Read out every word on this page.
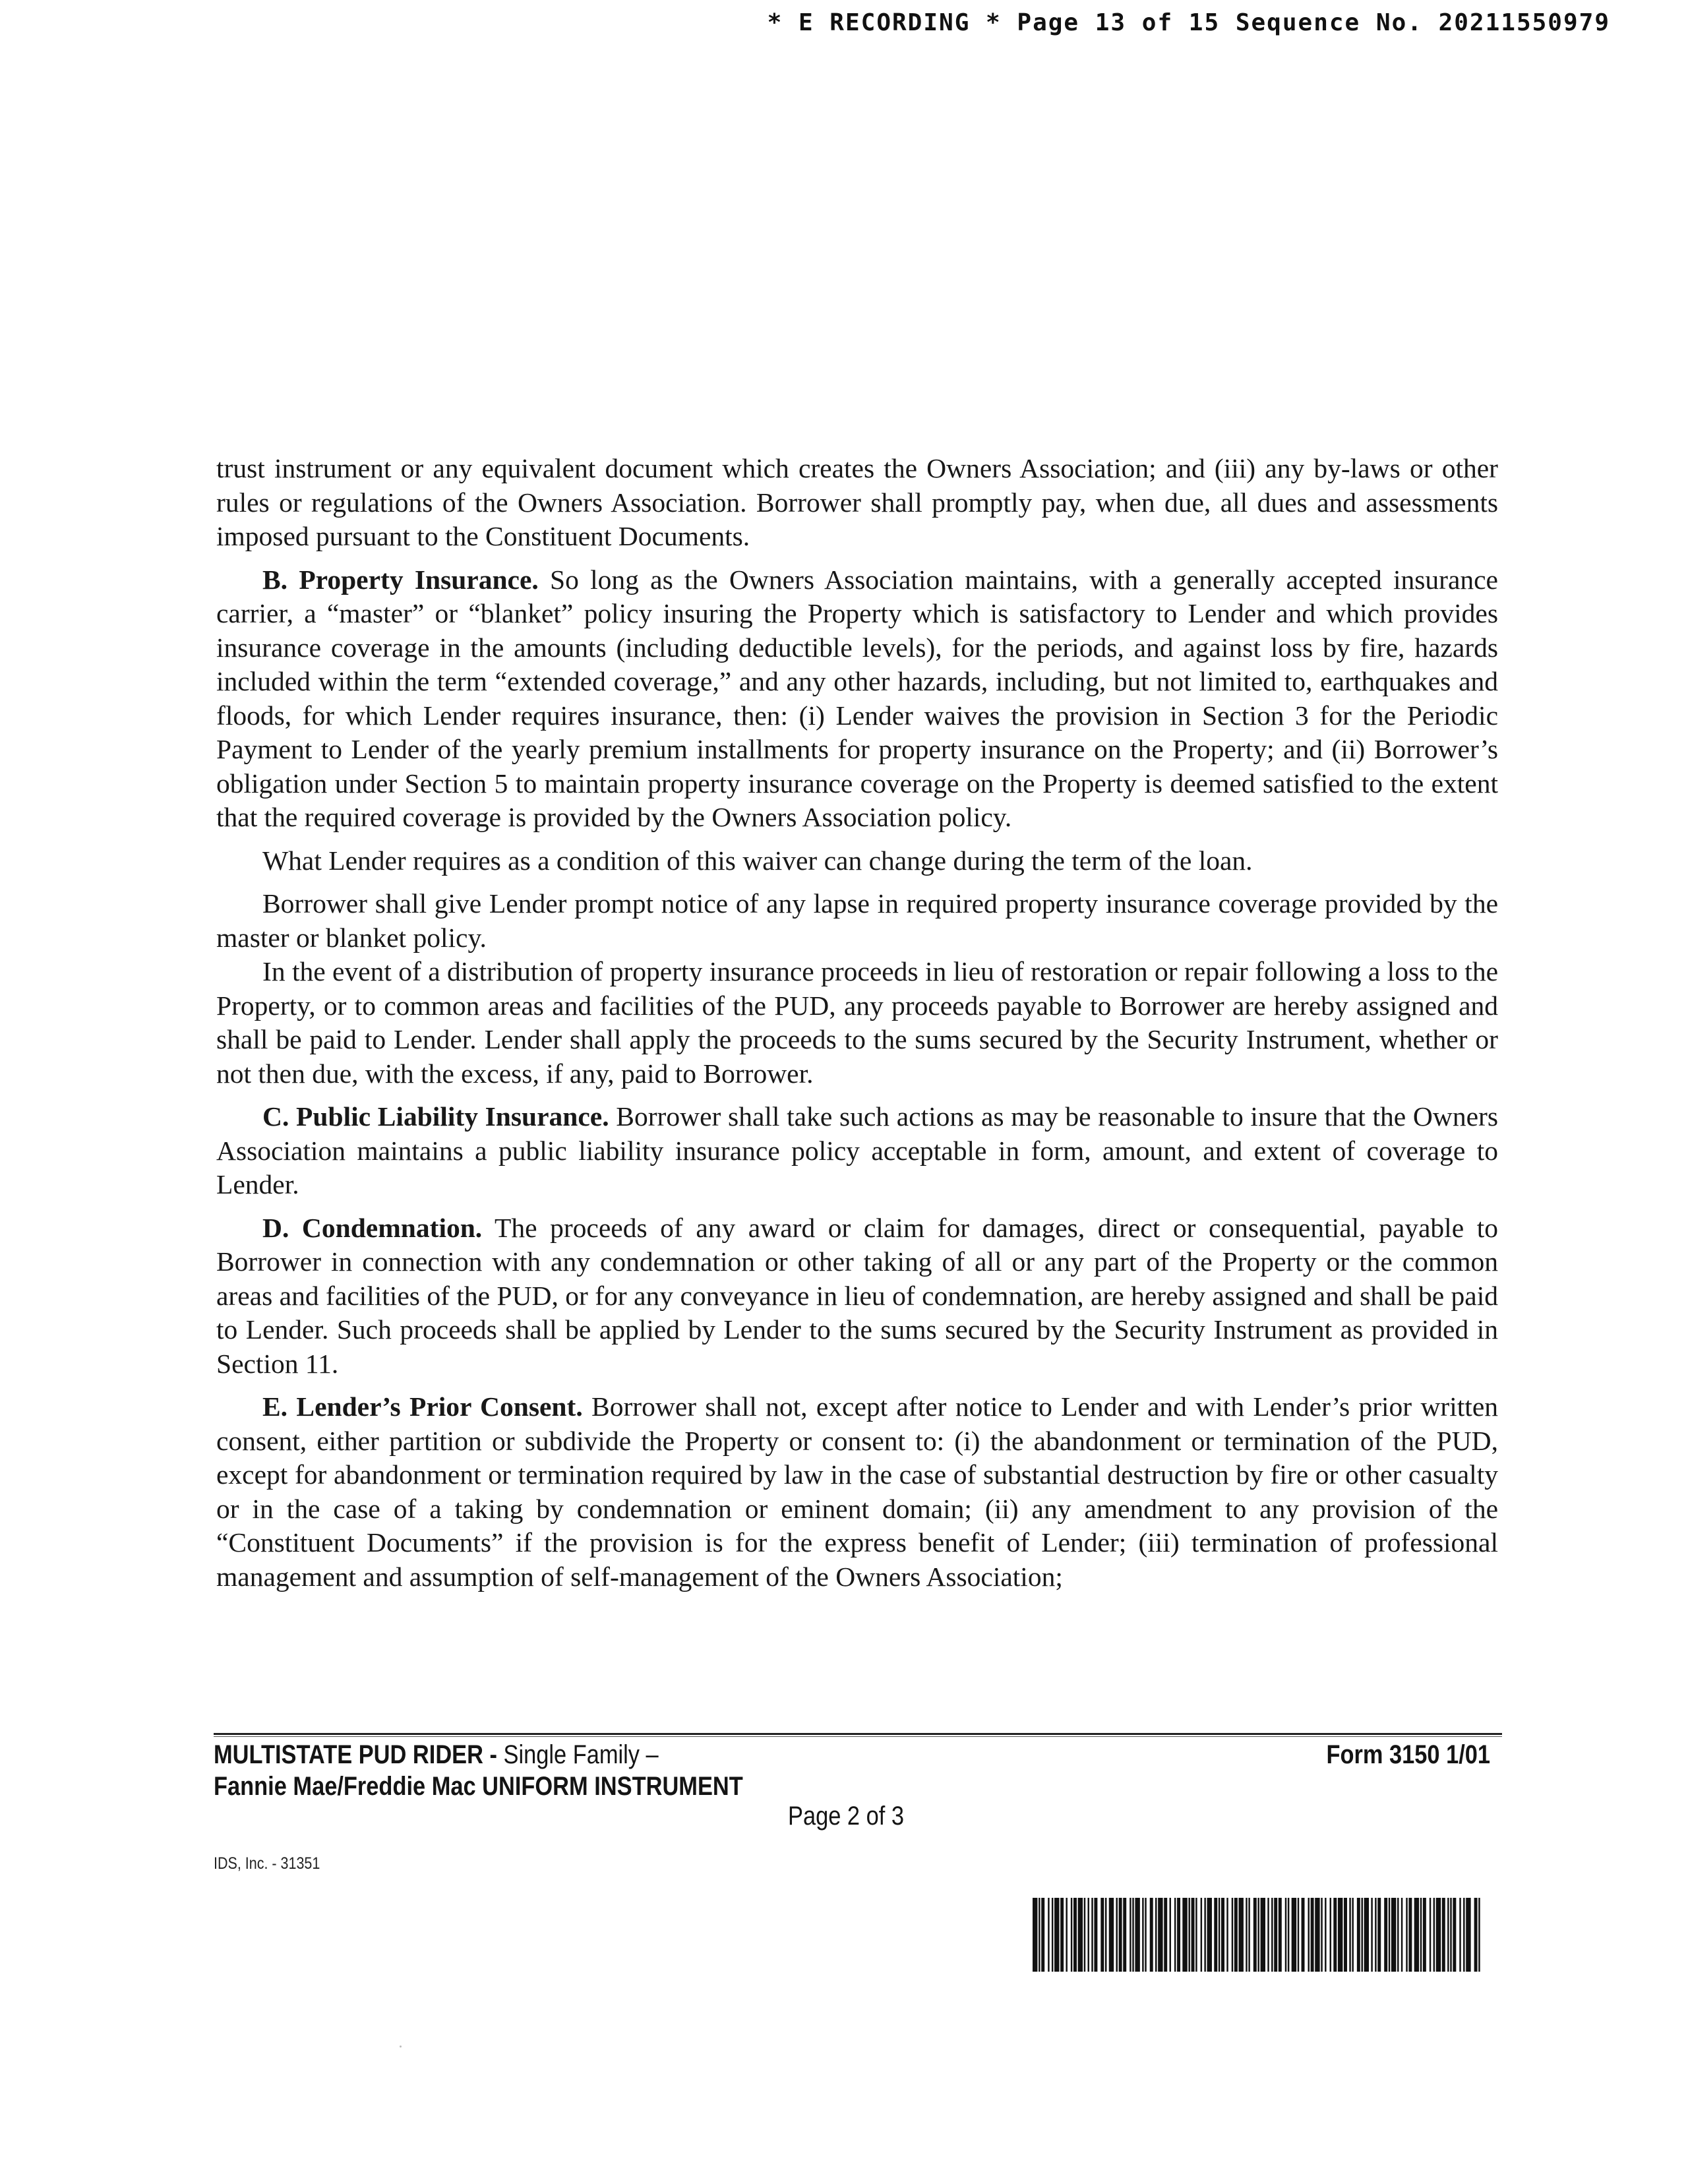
* E RECORDING * Page 13 of 15 Sequence No. 20211550979

trust instrument or any equivalent document which creates the Owners Association; and (iii) any by-laws or other rules or regulations of the Owners Association. Borrower shall promptly pay, when due, all dues and assessments imposed pursuant to the Constituent Documents.

B. Property Insurance. So long as the Owners Association maintains, with a generally accepted insurance carrier, a “master” or “blanket” policy insuring the Property which is satisfactory to Lender and which provides insurance coverage in the amounts (including deductible levels), for the periods, and against loss by fire, hazards included within the term “extended coverage,” and any other hazards, including, but not limited to, earthquakes and floods, for which Lender requires insurance, then: (i) Lender waives the provision in Section 3 for the Periodic Payment to Lender of the yearly premium installments for property insurance on the Property; and (ii) Borrower’s obligation under Section 5 to maintain property insurance coverage on the Property is deemed satisfied to the extent that the required coverage is provided by the Owners Association policy.

What Lender requires as a condition of this waiver can change during the term of the loan.

Borrower shall give Lender prompt notice of any lapse in required property insurance coverage provided by the master or blanket policy.

In the event of a distribution of property insurance proceeds in lieu of restoration or repair following a loss to the Property, or to common areas and facilities of the PUD, any proceeds payable to Borrower are hereby assigned and shall be paid to Lender. Lender shall apply the proceeds to the sums secured by the Security Instrument, whether or not then due, with the excess, if any, paid to Borrower.

C. Public Liability Insurance. Borrower shall take such actions as may be reasonable to insure that the Owners Association maintains a public liability insurance policy acceptable in form, amount, and extent of coverage to Lender.

D. Condemnation. The proceeds of any award or claim for damages, direct or consequential, payable to Borrower in connection with any condemnation or other taking of all or any part of the Property or the common areas and facilities of the PUD, or for any conveyance in lieu of condemnation, are hereby assigned and shall be paid to Lender. Such proceeds shall be applied by Lender to the sums secured by the Security Instrument as provided in Section 11.

E. Lender’s Prior Consent. Borrower shall not, except after notice to Lender and with Lender’s prior written consent, either partition or subdivide the Property or consent to: (i) the abandonment or termination of the PUD, except for abandonment or termination required by law in the case of substantial destruction by fire or other casualty or in the case of a taking by condemnation or eminent domain; (ii) any amendment to any provision of the “Constituent Documents” if the provision is for the express benefit of Lender; (iii) termination of professional management and assumption of self-management of the Owners Association;

MULTISTATE PUD RIDER - Single Family –
Fannie Mae/Freddie Mac UNIFORM INSTRUMENT
Form 3150 1/01
Page 2 of 3
IDS, Inc. - 31351
